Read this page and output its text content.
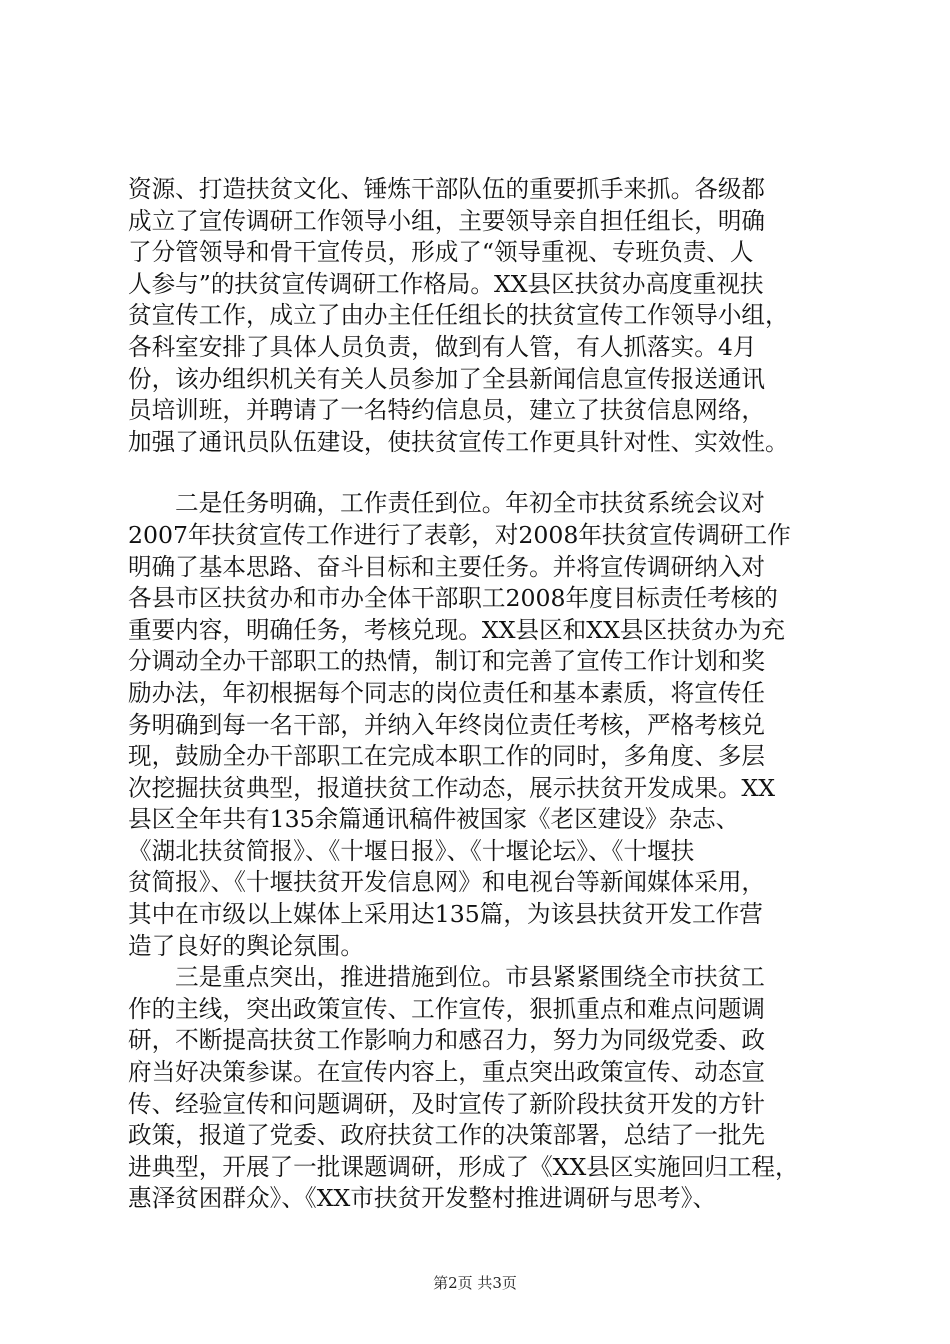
资源、打造扶贫文化、锤炼干部队伍的重要抓手来抓。各级都
成立了宣传调研工作领导小组，主要领导亲自担任组长，明确
了分管领导和骨干宣传员，形成了“领导重视、专班负责、人
人参与”的扶贫宣传调研工作格局。XX县区扶贫办高度重视扶
贫宣传工作，成立了由办主任任组长的扶贫宣传工作领导小组，
各科室安排了具体人员负责，做到有人管，有人抓落实。4月
份，该办组织机关有关人员参加了全县新闻信息宣传报送通讯
员培训班，并聘请了一名特约信息员，建立了扶贫信息网络，
加强了通讯员队伍建设，使扶贫宣传工作更具针对性、实效性。
二是任务明确，工作责任到位。年初全市扶贫系统会议对
2007年扶贫宣传工作进行了表彰，对2008年扶贫宣传调研工作
明确了基本思路、奋斗目标和主要任务。并将宣传调研纳入对
各县市区扶贫办和市办全体干部职工2008年度目标责任考核的
重要内容，明确任务，考核兑现。XX县区和XX县区扶贫办为充
分调动全办干部职工的热情，制订和完善了宣传工作计划和奖
励办法，年初根据每个同志的岗位责任和基本素质，将宣传任
务明确到每一名干部，并纳入年终岗位责任考核，严格考核兑
现，鼓励全办干部职工在完成本职工作的同时，多角度、多层
次挖掘扶贫典型，报道扶贫工作动态，展示扶贫开发成果。XX
县区全年共有135余篇通讯稿件被国家《老区建设》杂志、
《湖北扶贫简报》、《十堰日报》、《十堰论坛》、《十堰扶
贫简报》、《十堰扶贫开发信息网》和电视台等新闻媒体采用，
其中在市级以上媒体上采用达135篇，为该县扶贫开发工作营
造了良好的舆论氛围。
三是重点突出，推进措施到位。市县紧紧围绕全市扶贫工
作的主线，突出政策宣传、工作宣传，狠抓重点和难点问题调
研，不断提高扶贫工作影响力和感召力，努力为同级党委、政
府当好决策参谋。在宣传内容上，重点突出政策宣传、动态宣
传、经验宣传和问题调研，及时宣传了新阶段扶贫开发的方针
政策，报道了党委、政府扶贫工作的决策部署，总结了一批先
进典型，开展了一批课题调研，形成了《XX县区实施回归工程，
惠泽贫困群众》、《XX市扶贫开发整村推进调研与思考》、
第2页 共3页
